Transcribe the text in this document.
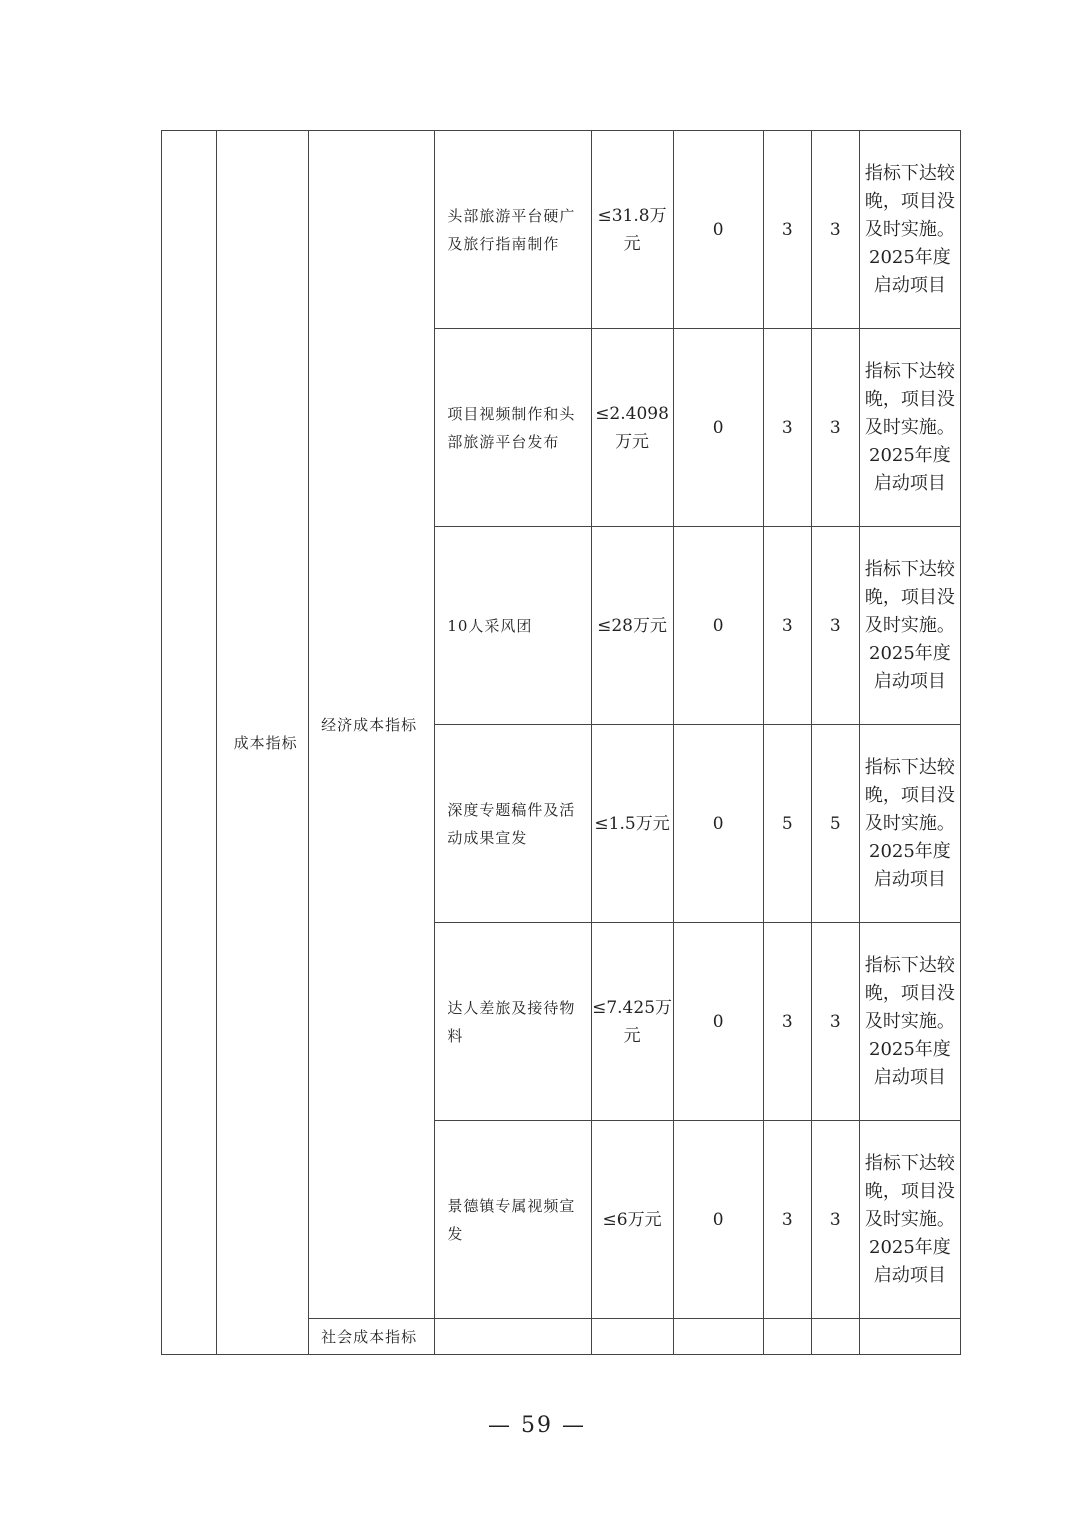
	成本指标	经济成本指标	头部旅游平台硬广及旅行指南制作	≤31.8万元	0	3	3	指标下达较晚，项目没及时实施。2025年度启动项目
			项目视频制作和头部旅游平台发布	≤2.4098万元	0	3	3	指标下达较晚，项目没及时实施。2025年度启动项目
			10人采风团	≤28万元	0	3	3	指标下达较晚，项目没及时实施。2025年度启动项目
			深度专题稿件及活动成果宣发	≤1.5万元	0	5	5	指标下达较晚，项目没及时实施。2025年度启动项目
			达人差旅及接待物料	≤7.425万元	0	3	3	指标下达较晚，项目没及时实施。2025年度启动项目
			景德镇专属视频宣发	≤6万元	0	3	3	指标下达较晚，项目没及时实施。2025年度启动项目
		社会成本指标						
— 59 —
